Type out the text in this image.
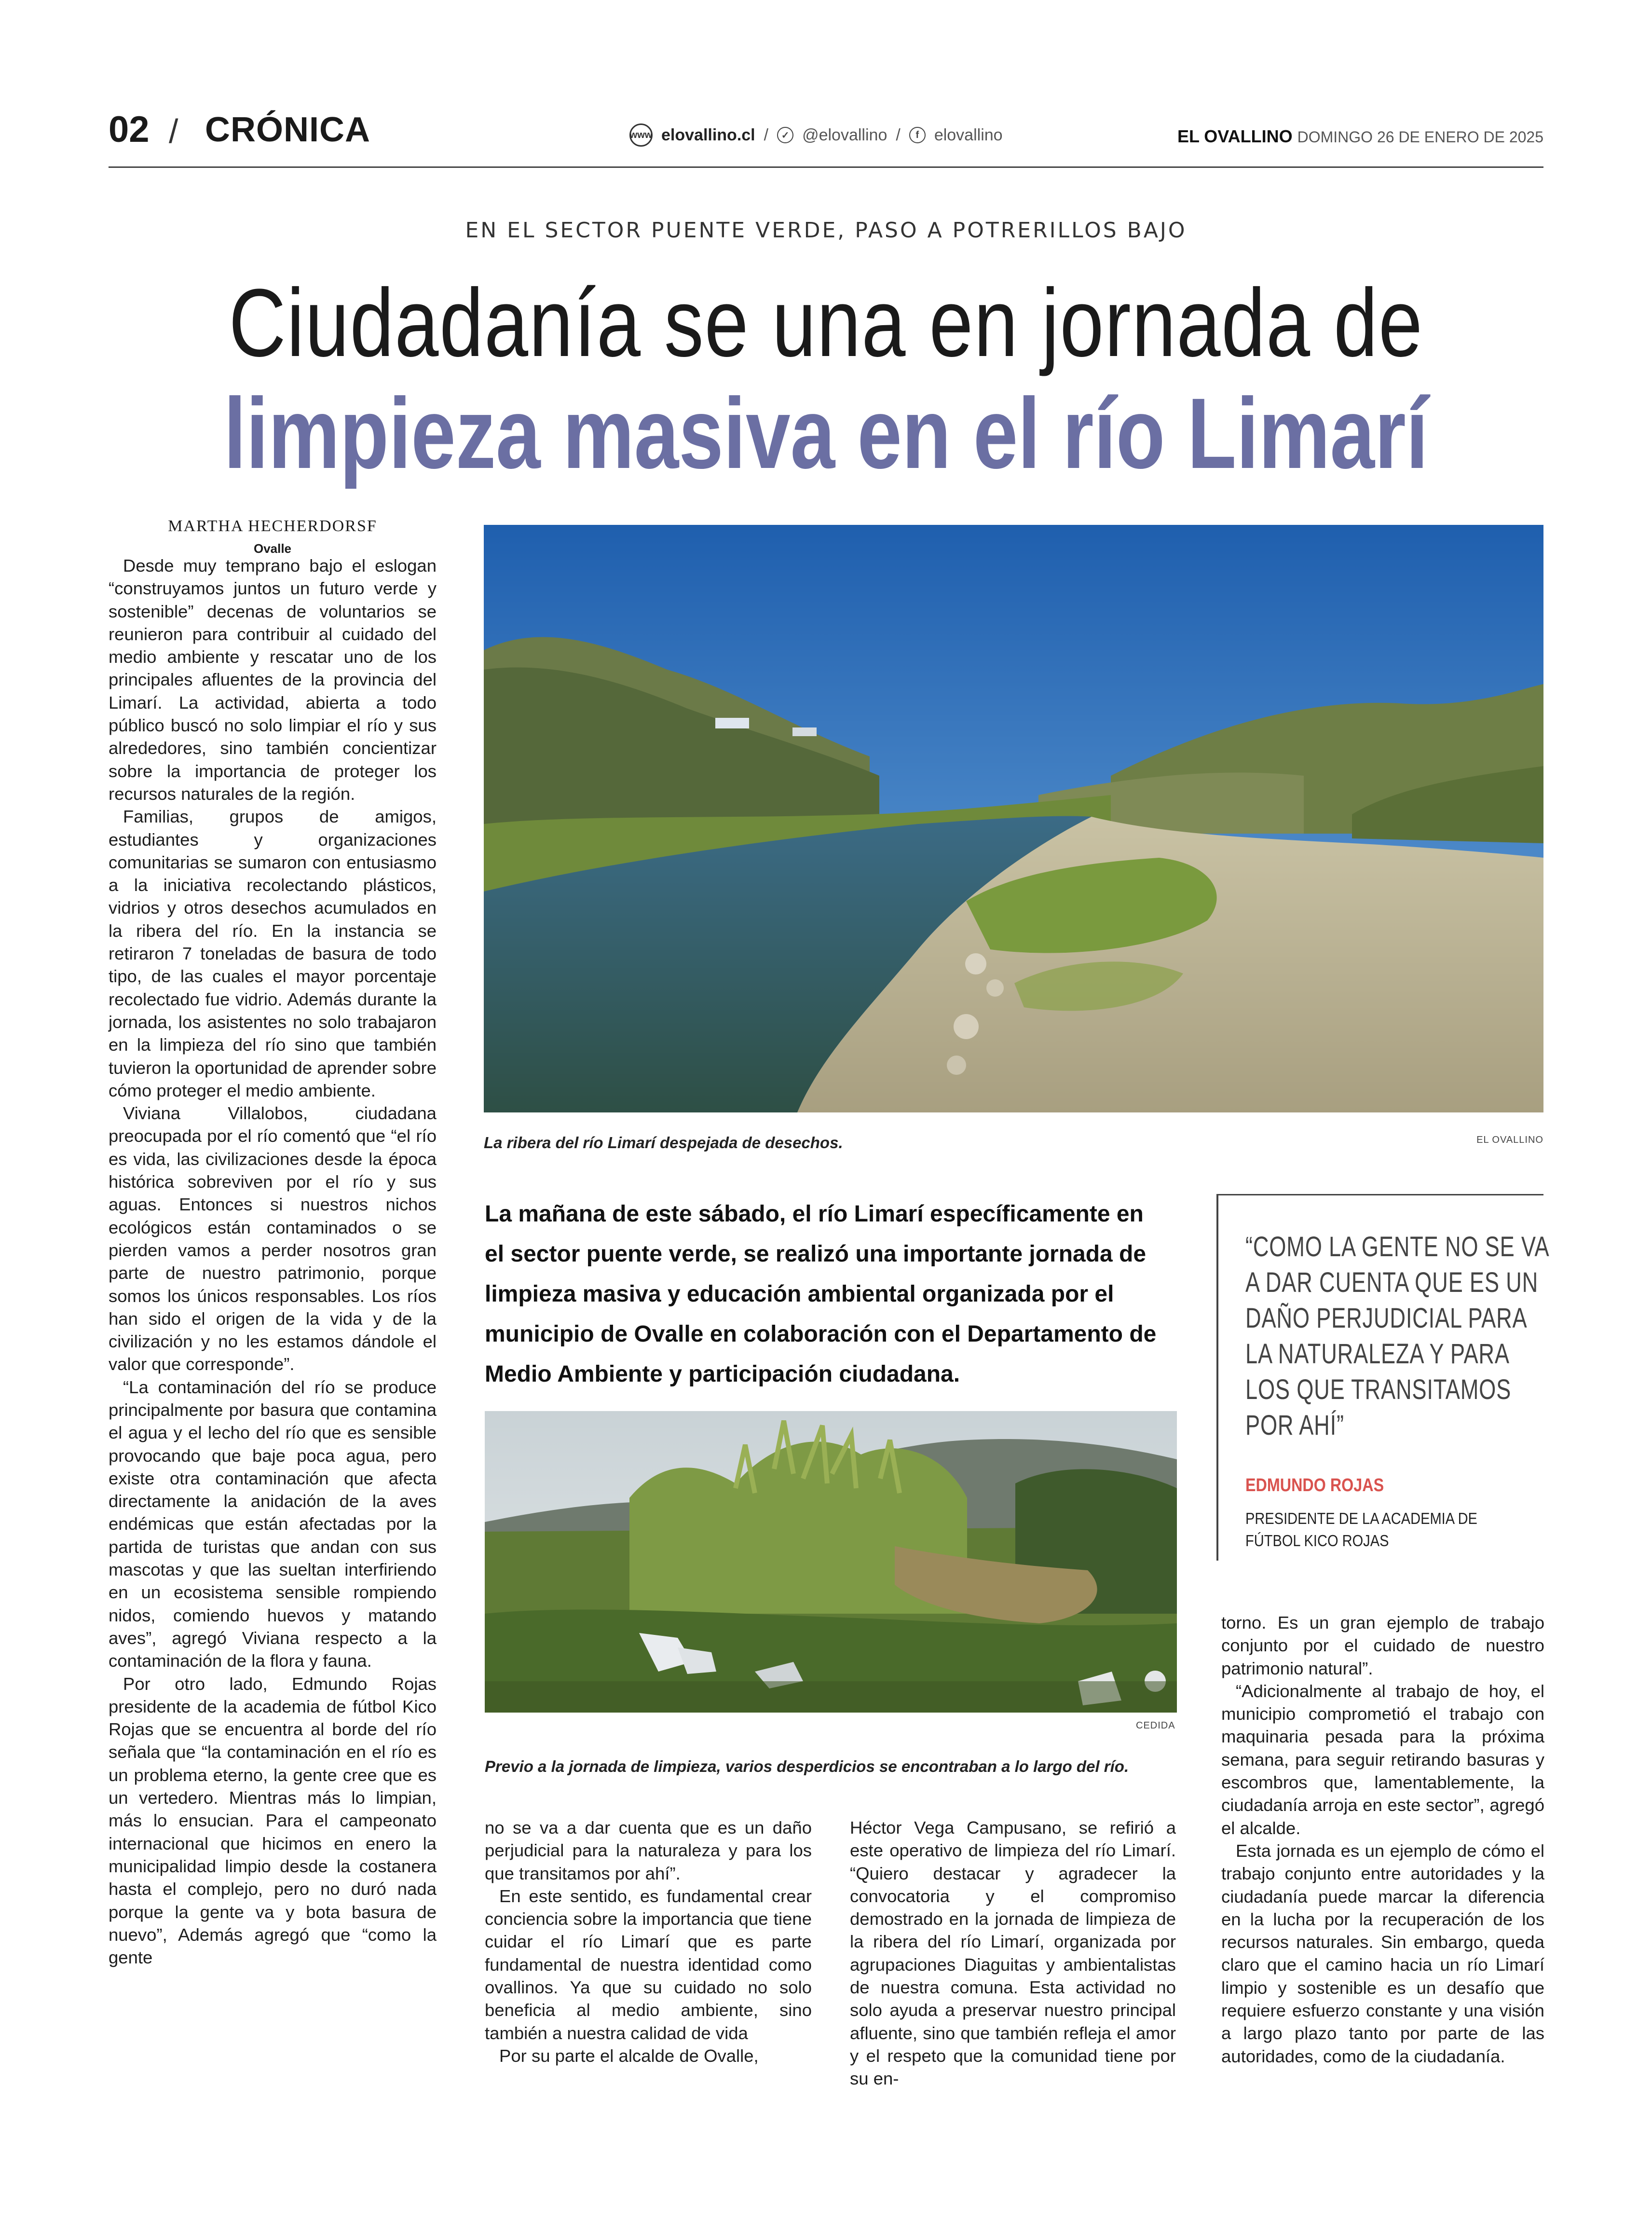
02 / CRÓNICA	www elovallino.cl /	✓ @elovallino /	f elovallino	EL OVALLINO DOMINGO 26 DE ENERO DE 2025
EN EL SECTOR PUENTE VERDE, PASO A POTRERILLOS BAJO
Ciudadanía se una en jornada de
limpieza masiva en el río Limarí
MARTHA HECHERDORSF
Ovalle

Desde muy temprano bajo el eslogan “construyamos juntos un futuro verde y sostenible” decenas de voluntarios se reunieron para contribuir al cuidado del medio ambiente y rescatar uno de los principales afluentes de la provincia del Limarí. La actividad, abierta a todo público buscó no solo limpiar el río y sus alrededores, sino también concientizar sobre la importancia de proteger los recursos naturales de la región.

Familias, grupos de amigos, estudiantes y organizaciones comunitarias se sumaron con entusiasmo a la iniciativa recolectando plásticos, vidrios y otros desechos acumulados en la ribera del río. En la instancia se retiraron 7 toneladas de basura de todo tipo, de las cuales el mayor porcentaje recolectado fue vidrio. Además durante la jornada, los asistentes no solo trabajaron en la limpieza del río sino que también tuvieron la oportunidad de aprender sobre cómo proteger el medio ambiente.

Viviana Villalobos, ciudadana preocupada por el río comentó que “el río es vida, las civilizaciones desde la época histórica sobreviven por el río y sus aguas. Entonces si nuestros nichos ecológicos están contaminados o se pierden vamos a perder nosotros gran parte de nuestro patrimonio, porque somos los únicos responsables. Los ríos han sido el origen de la vida y de la civilización y no les estamos dándole el valor que corresponde”.

“La contaminación del río se produce principalmente por basura que contamina el agua y el lecho del río que es sensible provocando que baje poca agua, pero existe otra contaminación que afecta directamente la anidación de la aves endémicas que están afectadas por la partida de turistas que andan con sus mascotas y que las sueltan interfiriendo en un ecosistema sensible rompiendo nidos, comiendo huevos y matando aves”, agregó Viviana respecto a la contaminación de la flora y fauna.

Por otro lado, Edmundo Rojas presidente de la academia de fútbol Kico Rojas que se encuentra al borde del río señala que “la contaminación en el río es un problema eterno, la gente cree que es un vertedero. Mientras más lo limpian, más lo ensucian. Para el campeonato internacional que hicimos en enero la municipalidad limpio desde la costanera hasta el complejo, pero no duró nada porque la gente va y bota basura de nuevo”, Además agregó que “como la gente

La ribera del río Limarí despejada de desechos.	EL OVALLINO
La mañana de este sábado, el río Limarí específicamente en el sector puente verde, se realizó una importante jornada de limpieza masiva y educación ambiental organizada por el municipio de Ovalle en colaboración con el Departamento de Medio Ambiente y participación ciudadana.
“COMO LA GENTE NO SE VA A DAR CUENTA QUE ES UN DAÑO PERJUDICIAL PARA LA NATURALEZA Y PARA LOS QUE TRANSITAMOS POR AHÍ”
EDMUNDO ROJAS
PRESIDENTE DE LA ACADEMIA DE FÚTBOL KICO ROJAS
CEDIDA
Previo a la jornada de limpieza, varios desperdicios se encontraban a lo largo del río.

no se va a dar cuenta que es un daño perjudicial para la naturaleza y para los que transitamos por ahí”.

En este sentido, es fundamental crear conciencia sobre la importancia que tiene cuidar el río Limarí que es parte fundamental de nuestra identidad como ovallinos. Ya que su cuidado no solo beneficia al medio ambiente, sino también a nuestra calidad de vida

Por su parte el alcalde de Ovalle,

Héctor Vega Campusano, se refirió a este operativo de limpieza del río Limarí. “Quiero destacar y agradecer la convocatoria y el compromiso demostrado en la jornada de limpieza de la ribera del río Limarí, organizada por agrupaciones Diaguitas y ambientalistas de nuestra comuna. Esta actividad no solo ayuda a preservar nuestro principal afluente, sino que también refleja el amor y el respeto que la comunidad tiene por su en-

torno. Es un gran ejemplo de trabajo conjunto por el cuidado de nuestro patrimonio natural”.

“Adicionalmente al trabajo de hoy, el municipio comprometió el trabajo con maquinaria pesada para la próxima semana, para seguir retirando basuras y escombros que, lamentablemente, la ciudadanía arroja en este sector”, agregó el alcalde.

Esta jornada es un ejemplo de cómo el trabajo conjunto entre autoridades y la ciudadanía puede marcar la diferencia en la lucha por la recuperación de los recursos naturales. Sin embargo, queda claro que el camino hacia un río Limarí limpio y sostenible es un desafío que requiere esfuerzo constante y una visión a largo plazo tanto por parte de las autoridades, como de la ciudadanía.
